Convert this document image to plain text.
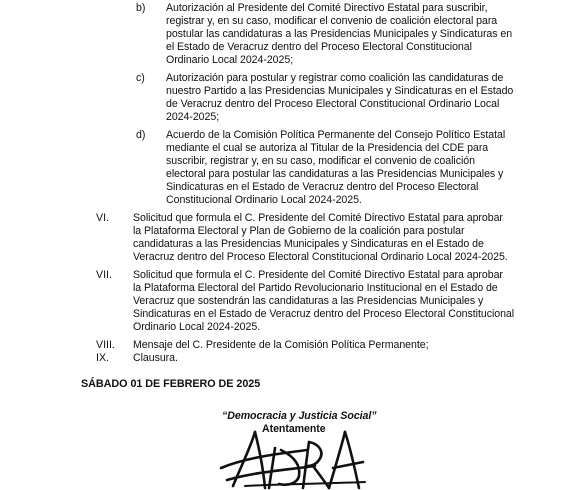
b) Autorización al Presidente del Comité Directivo Estatal para suscribir,
registrar y, en su caso, modificar el convenio de coalición electoral para
postular las candidaturas a las Presidencias Municipales y Sindicaturas en
el Estado de Veracruz dentro del Proceso Electoral Constitucional
Ordinario Local 2024-2025;
c) Autorización para postular y registrar como coalición las candidaturas de
nuestro Partido a las Presidencias Municipales y Sindicaturas en el Estado
de Veracruz dentro del Proceso Electoral Constitucional Ordinario Local
2024-2025;
d) Acuerdo de la Comisión Política Permanente del Consejo Político Estatal
mediante el cual se autoriza al Titular de la Presidencia del CDE para
suscribir, registrar y, en su caso, modificar el convenio de coalición
electoral para postular las candidaturas a las Presidencias Municipales y
Sindicaturas en el Estado de Veracruz dentro del Proceso Electoral
Constitucional Ordinario Local 2024-2025.
VI. Solicitud que formula el C. Presidente del Comité Directivo Estatal para aprobar
la Plataforma Electoral y Plan de Gobierno de la coalición para postular
candidaturas a las Presidencias Municipales y Sindicaturas en el Estado de
Veracruz dentro del Proceso Electoral Constitucional Ordinario Local 2024-2025.
VII. Solicitud que formula el C. Presidente del Comité Directivo Estatal para aprobar
la Plataforma Electoral del Partido Revolucionario Institucional en el Estado de
Veracruz que sostendrán las candidaturas a las Presidencias Municipales y
Sindicaturas en el Estado de Veracruz dentro del Proceso Electoral Constitucional
Ordinario Local 2024-2025.
VIII. Mensaje del C. Presidente de la Comisión Política Permanente;
IX. Clausura.
SÁBADO 01 DE FEBRERO DE 2025
“Democracia y Justicia Social”
Atentamente
